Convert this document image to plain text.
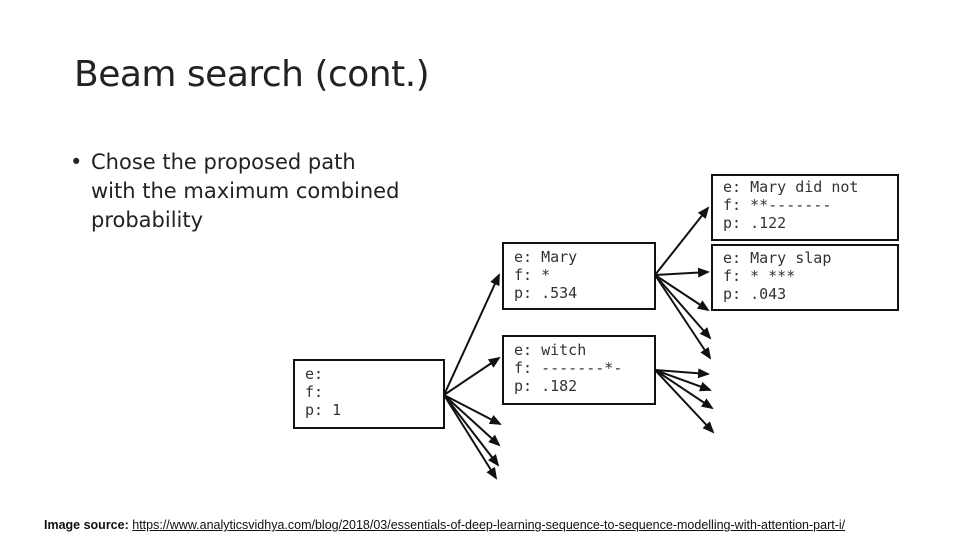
Beam search (cont.)
• Chose the proposed path with the maximum combined probability
e:
f:
p: 1
e: Mary
f: *
p: .534
e: witch
f: -------*-
p: .182
e: Mary did not
f: **-------
p: .122
e: Mary slap
f: * ***
p: .043
Image source: https://www.analyticsvidhya.com/blog/2018/03/essentials-of-deep-learning-sequence-to-sequence-modelling-with-attention-part-i/
